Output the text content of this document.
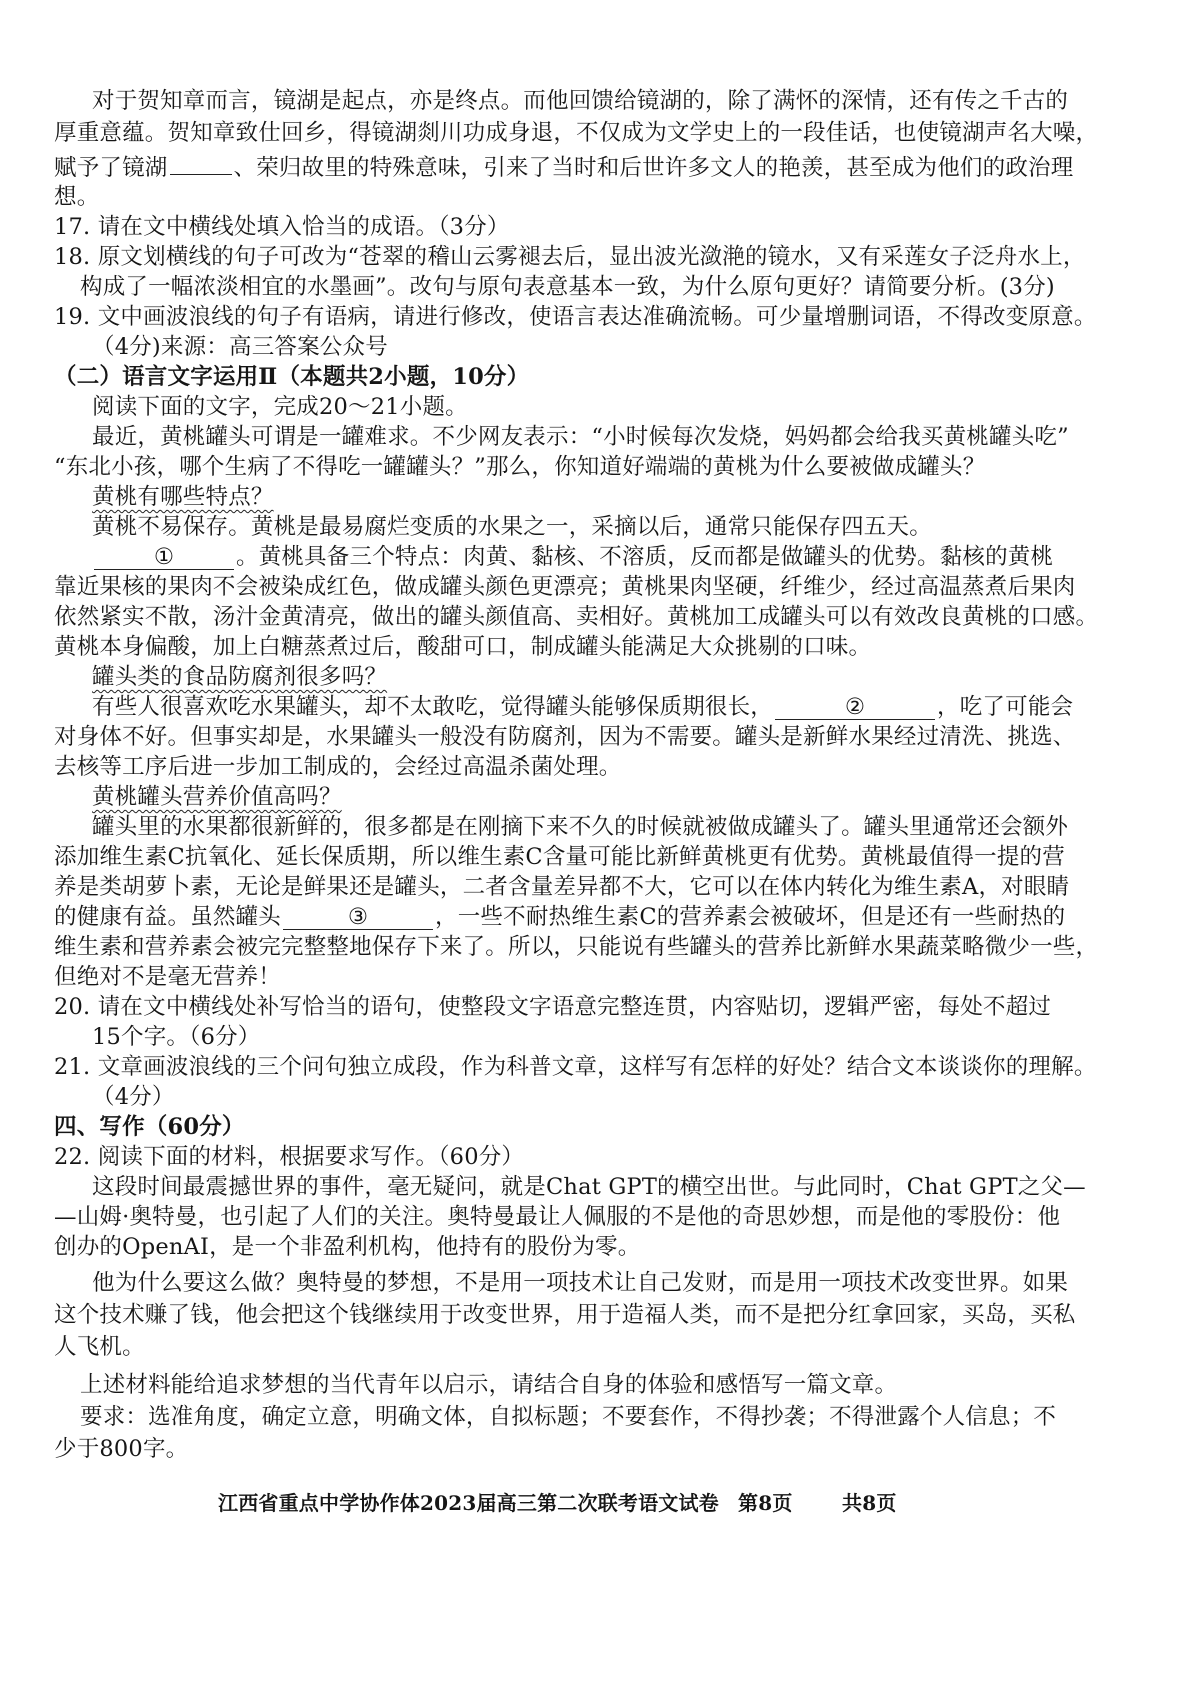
对于贺知章而言，镜湖是起点，亦是终点。而他回馈给镜湖的，除了满怀的深情，还有传之千古的
厚重意蕴。贺知章致仕回乡，得镜湖剡川功成身退，不仅成为文学史上的一段佳话，也使镜湖声名大噪，
赋予了镜湖	、荣归故里的特殊意味，引来了当时和后世许多文人的艳羡，甚至成为他们的政治理
想。
17. 请在文中横线处填入恰当的成语。（3分）
18. 原文划横线的句子可改为“苍翠的稽山云雾褪去后，显出波光潋滟的镜水，又有采莲女子泛舟水上，
构成了一幅浓淡相宜的水墨画”。改句与原句表意基本一致，为什么原句更好？请简要分析。(3分)
19. 文中画波浪线的句子有语病，请进行修改，使语言表达准确流畅。可少量增删词语，不得改变原意。
（4分)来源：高三答案公众号
（二）语言文字运用Ⅱ（本题共2小题，10分）
阅读下面的文字，完成20～21小题。
最近，黄桃罐头可谓是一罐难求。不少网友表示：“小时候每次发烧，妈妈都会给我买黄桃罐头吃”
“东北小孩，哪个生病了不得吃一罐罐头？”那么，你知道好端端的黄桃为什么要被做成罐头？
黄桃有哪些特点？
黄桃不易保存。黄桃是最易腐烂变质的水果之一，采摘以后，通常只能保存四五天。
①	。黄桃具备三个特点：肉黄、黏核、不溶质，反而都是做罐头的优势。黏核的黄桃
靠近果核的果肉不会被染成红色，做成罐头颜色更漂亮；黄桃果肉坚硬，纤维少，经过高温蒸煮后果肉
依然紧实不散，汤汁金黄清亮，做出的罐头颜值高、卖相好。黄桃加工成罐头可以有效改良黄桃的口感。
黄桃本身偏酸，加上白糖蒸煮过后，酸甜可口，制成罐头能满足大众挑剔的口味。
罐头类的食品防腐剂很多吗？
有些人很喜欢吃水果罐头，却不太敢吃，觉得罐头能够保质期很长，	②	，吃了可能会
对身体不好。但事实却是，水果罐头一般没有防腐剂，因为不需要。罐头是新鲜水果经过清洗、挑选、
去核等工序后进一步加工制成的，会经过高温杀菌处理。
黄桃罐头营养价值高吗？
罐头里的水果都很新鲜的，很多都是在刚摘下来不久的时候就被做成罐头了。罐头里通常还会额外
添加维生素C抗氧化、延长保质期，所以维生素C含量可能比新鲜黄桃更有优势。黄桃最值得一提的营
养是类胡萝卜素，无论是鲜果还是罐头，二者含量差异都不大，它可以在体内转化为维生素A，对眼睛
的健康有益。虽然罐头	③	，一些不耐热维生素C的营养素会被破坏，但是还有一些耐热的
维生素和营养素会被完完整整地保存下来了。所以，只能说有些罐头的营养比新鲜水果蔬菜略微少一些，
但绝对不是毫无营养！
20. 请在文中横线处补写恰当的语句，使整段文字语意完整连贯，内容贴切，逻辑严密，每处不超过
15个字。（6分）
21. 文章画波浪线的三个问句独立成段，作为科普文章，这样写有怎样的好处？结合文本谈谈你的理解。
（4分）
四、写作（60分）
22. 阅读下面的材料，根据要求写作。（60分）
这段时间最震撼世界的事件，毫无疑问，就是Chat GPT的横空出世。与此同时，Chat GPT之父—
—山姆·奥特曼，也引起了人们的关注。奥特曼最让人佩服的不是他的奇思妙想，而是他的零股份：他
创办的OpenAI，是一个非盈利机构，他持有的股份为零。
他为什么要这么做？奥特曼的梦想，不是用一项技术让自己发财，而是用一项技术改变世界。如果
这个技术赚了钱，他会把这个钱继续用于改变世界，用于造福人类，而不是把分红拿回家，买岛，买私
人飞机。
上述材料能给追求梦想的当代青年以启示，请结合自身的体验和感悟写一篇文章。
要求：选准角度，确定立意，明确文体，自拟标题；不要套作，不得抄袭；不得泄露个人信息；不
少于800字。
江西省重点中学协作体2023届高三第二次联考语文试卷 第8页 共8页
